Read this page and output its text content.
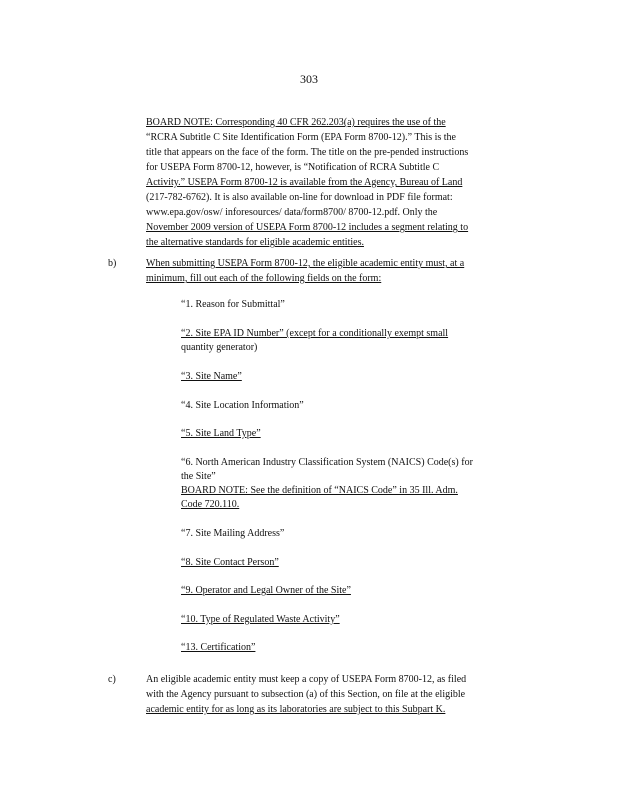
303
BOARD NOTE: Corresponding 40 CFR 262.203(a) requires the use of the
“RCRA Subtitle C Site Identification Form (EPA Form 8700-12).” This is the
title that appears on the face of the form. The title on the pre-pended instructions
for USEPA Form 8700-12, however, is “Notification of RCRA Subtitle C
Activity.” USEPA Form 8700-12 is available from the Agency, Bureau of Land
(217-782-6762). It is also available on-line for download in PDF file format:
www.epa.gov/osw/ inforesources/ data/form8700/ 8700-12.pdf. Only the
November 2009 version of USEPA Form 8700-12 includes a segment relating to
the alternative standards for eligible academic entities.
b)	When submitting USEPA Form 8700-12, the eligible academic entity must, at a
minimum, fill out each of the following fields on the form:
“1. Reason for Submittal”
“2. Site EPA ID Number” (except for a conditionally exempt small
quantity generator)
“3. Site Name”
“4. Site Location Information”
“5. Site Land Type”
“6. North American Industry Classification System (NAICS) Code(s) for
the Site”
BOARD NOTE: See the definition of “NAICS Code” in 35 Ill. Adm.
Code 720.110.
“7. Site Mailing Address”
“8. Site Contact Person”
“9. Operator and Legal Owner of the Site”
“10. Type of Regulated Waste Activity”
“13. Certification”
c)	An eligible academic entity must keep a copy of USEPA Form 8700-12, as filed
with the Agency pursuant to subsection (a) of this Section, on file at the eligible
academic entity for as long as its laboratories are subject to this Subpart K.
